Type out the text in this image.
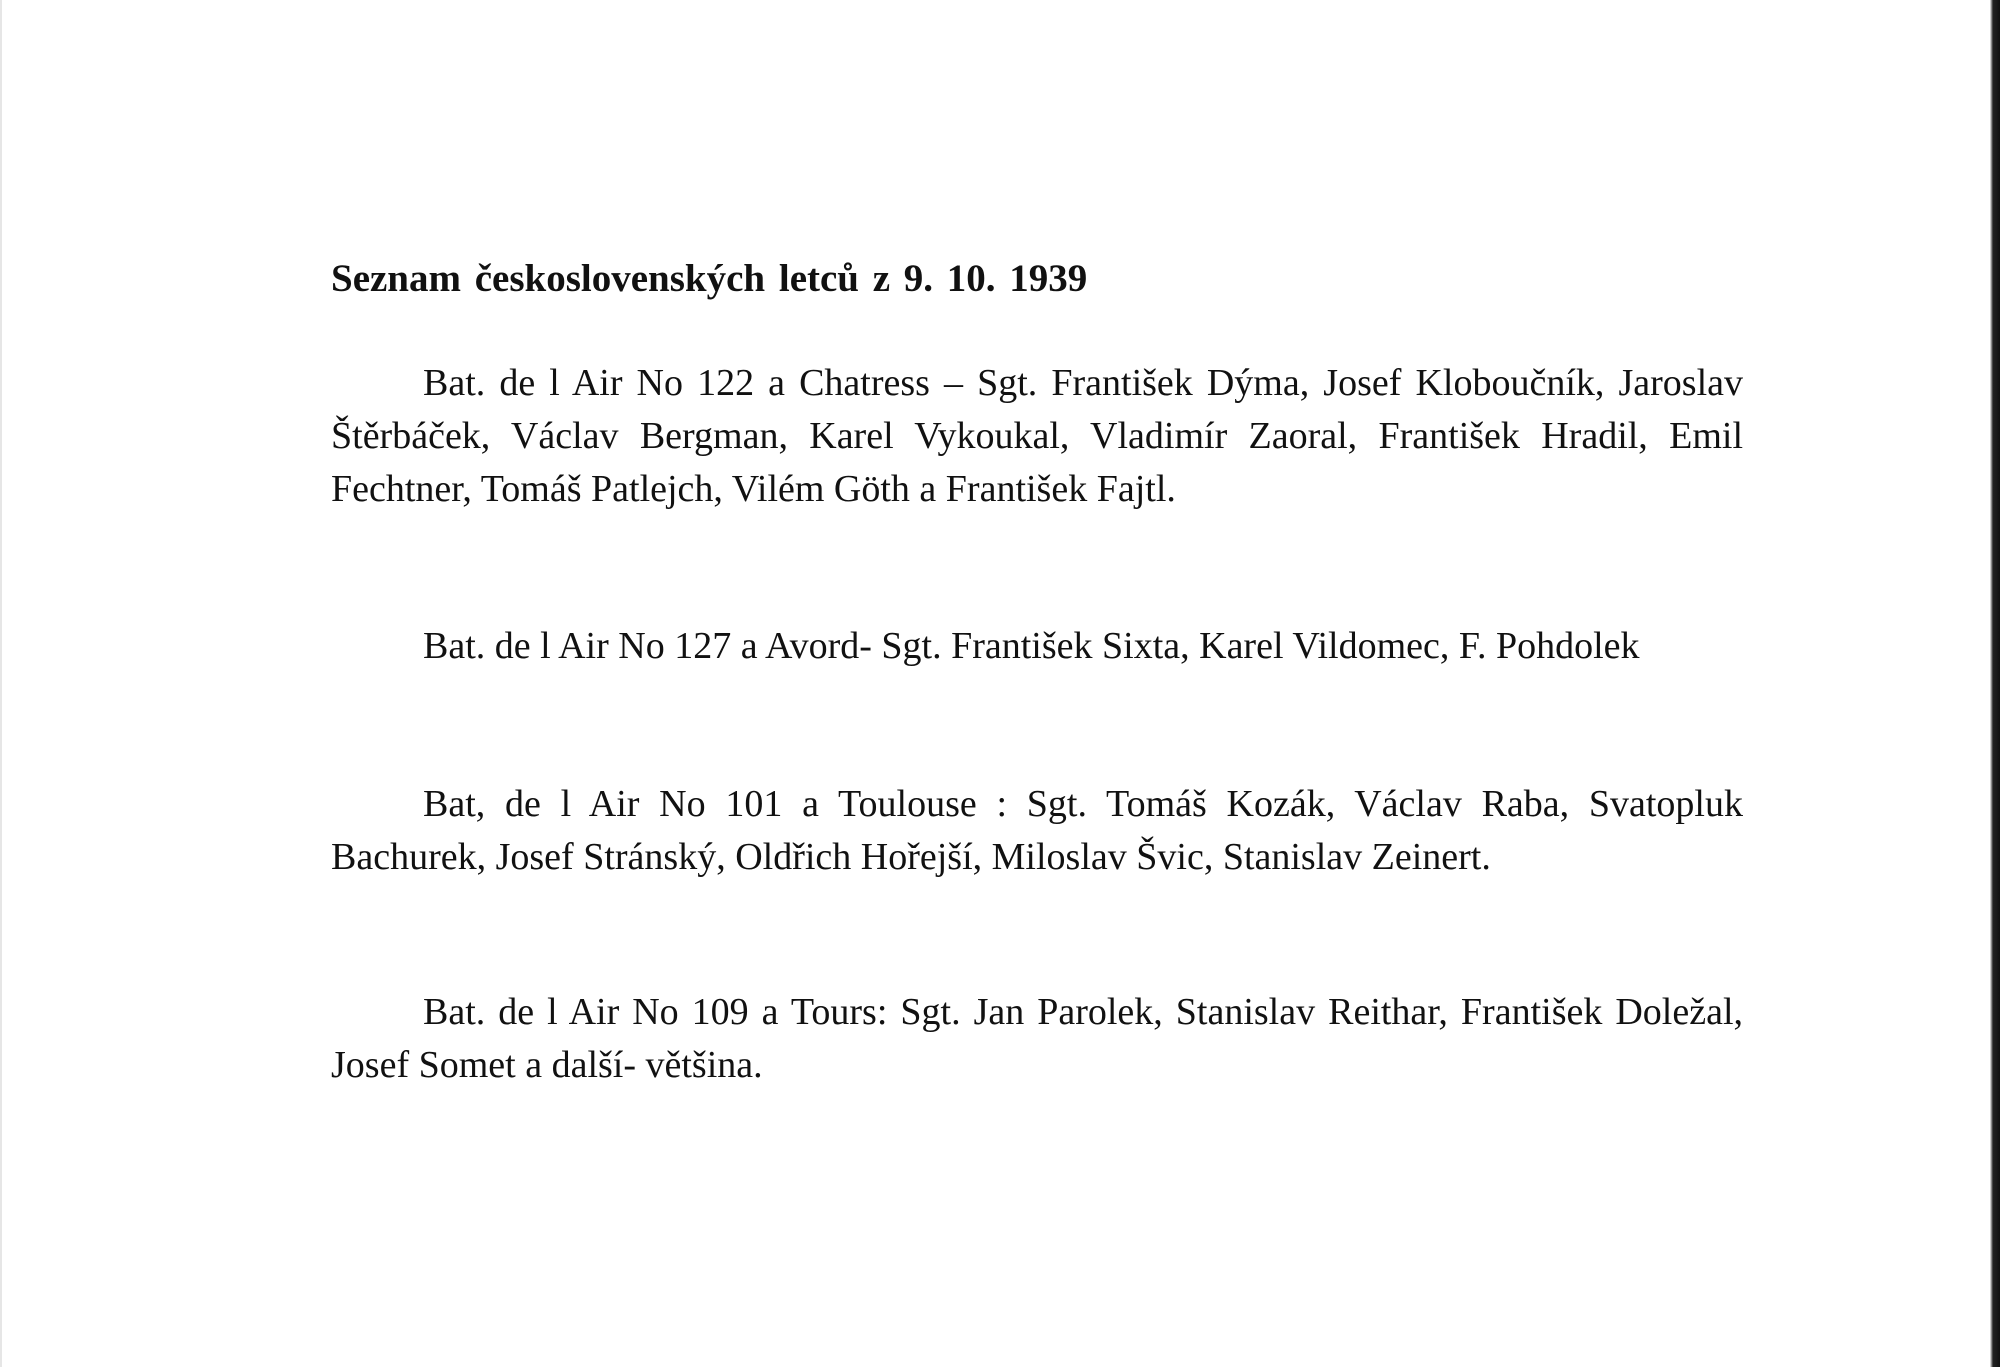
Seznam československých letců z 9. 10. 1939
Bat. de l Air No 122 a Chatress – Sgt. František Dýma, Josef Kloboučník, Jaroslav Štěrbáček, Václav Bergman, Karel Vykoukal, Vladimír Zaoral, František Hradil, Emil Fechtner, Tomáš Patlejch, Vilém Göth a František Fajtl.
Bat. de l Air No 127 a Avord- Sgt. František Sixta, Karel Vildomec, F. Pohdolek
Bat, de l Air No 101 a Toulouse : Sgt. Tomáš Kozák, Václav Raba, Svatopluk Bachurek, Josef Stránský, Oldřich Hořejší, Miloslav Švic, Stanislav Zeinert.
Bat. de l Air No 109 a Tours: Sgt. Jan Parolek, Stanislav Reithar, František Doležal, Josef Somet a další- většina.
